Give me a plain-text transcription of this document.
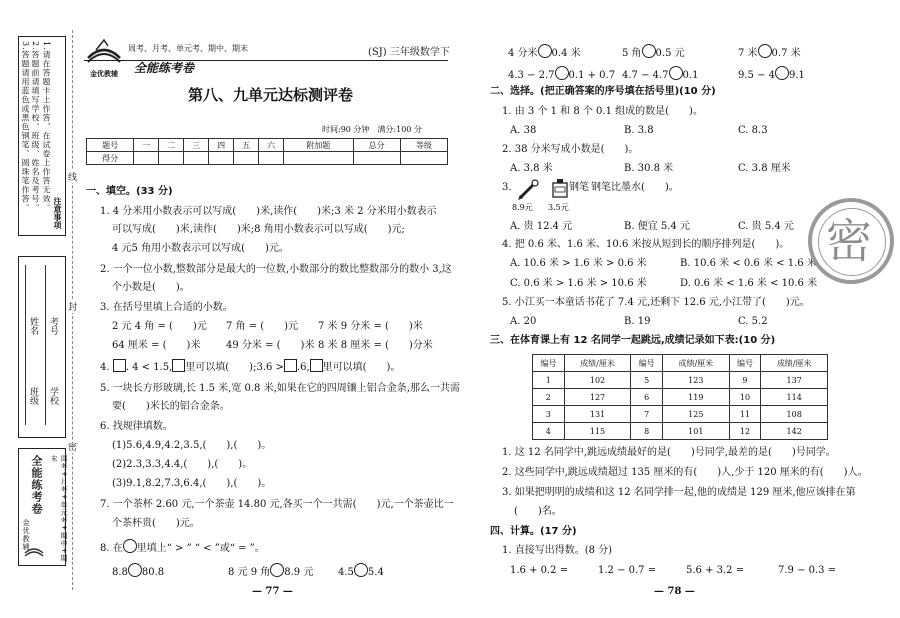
注意事项
1.请在答题卡上作答，在试卷上作答无效。
2.答题前请填写学校、班级、姓名及考号。
3.答题请用蓝色或黑色钢笔、圆珠笔作答。
学校
班级
姓名 考号
周考+月考+单元考+期中+期末
全能练考卷
金优教辅
线
封
密
周考、月考、单元考、期中、期末
金优教辅 全能练考卷
(SJ) 三年级数学下
第八、九单元达标测评卷
时间:90 分钟　满分:100 分
题号	一	二	三	四	五	六	附加题	总分	等级
得分									
一、填空。(33 分)
1. 4 分米用小数表示可以写成(　　)米,读作(　　)米;3 米 2 分米用小数表示
可以写成(　　)米,读作(　　)米;8 角用小数表示可以写成(　　)元;
4 元5 角用小数表示可以写成(　　)元。
2. 一个一位小数,整数部分是最大的一位数,小数部分的数比整数部分的数小 3,这
个小数是(　　)。
3. 在括号里填上合适的小数。
2 元 4 角 = (　　)元 7 角 = (　　)元 7 米 9 分米 = (　　)米
64 厘米 = (　　)米	49 分米 = (　　)米 8 米 8 厘米 = (　　)分米
4. . 4 < 1.5, 里可以填(　　);3.6 > .6, 里可以填(　　)。
5. 一块长方形玻璃,长 1.5 米,宽 0.8 米,如果在它的四周镶上铝合金条,那么一共需
要(　　)米长的铝合金条。
6. 找规律填数。
(1)5.6,4.9,4.2,3.5,(　　),(　　)。
(2)2.3,3.3,4.4,(　　),(　　)。
(3)9.1,8.2,7.3,6.4,(　　),(　　)。
7. 一个茶杯 2.60 元,一个茶壶 14.80 元,各买一个一共需(　　)元,一个茶壶比一
个茶杯贵(　　)元。
8. 在 里填上“ > ” “ < ”或“ = ”。
8.8 80.8	8 元 9 角 8.9 元 4.5 5.4
— 77 —
4 分米 0.4 米	5 角 0.5 元	7 米 0.7 米
4.3 − 2.7 0.1 + 0.7 4.7 − 4.7 0.1	9.5 − 4 9.1
二、选择。(把正确答案的序号填在括号里)(10 分)
1. 由 3 个 1 和 8 个 0.1 组成的数是(　　)。
A. 38	B. 3.8	C. 8.3
2. 38 分米写成小数是(　　)。
A. 3.8 米	B. 30.8 米	C. 3.8 厘米
3.	钢笔 钢笔比墨水(　　)。
8.9元 3.5元
A. 贵 12.4 元	B. 便宜 5.4 元	C. 贵 5.4 元
4. 把 0.6 米、1.6 米、10.6 米按从短到长的顺序排列是(　　)。
A. 10.6 米 > 1.6 米 > 0.6 米	B. 10.6 米 < 0.6 米 < 1.6 米
C. 0.6 米 > 1.6 米 > 10.6 米	D. 0.6 米 < 1.6 米 < 10.6 米
5. 小江买一本童话书花了 7.4 元,还剩下 12.6 元,小江带了(　　)元。
A. 20	B. 19	C. 5.2
三、在体育课上有 12 名同学一起跳远,成绩记录如下表:(10 分)
编号	成绩/厘米	编号	成绩/厘米	编号	成绩/厘米
1	102	5	123	9	137
2	127	6	119	10	114
3	131	7	125	11	108
4	115	8	101	12	142
1. 这 12 名同学中,跳远成绩最好的是(　　)号同学,最差的是(　　)号同学。
2. 这些同学中,跳远成绩超过 135 厘米的有(　　)人,少于 120 厘米的有(　　)人。
3. 如果把明明的成绩和这 12 名同学排一起,他的成绩是 129 厘米,他应该排在第
(　　)名。
四、计算。(17 分)
1. 直接写出得数。(8 分)
1.6 + 0.2 =	1.2 − 0.7 =	5.6 + 3.2 =	7.9 − 0.3 =
— 78 —
密
